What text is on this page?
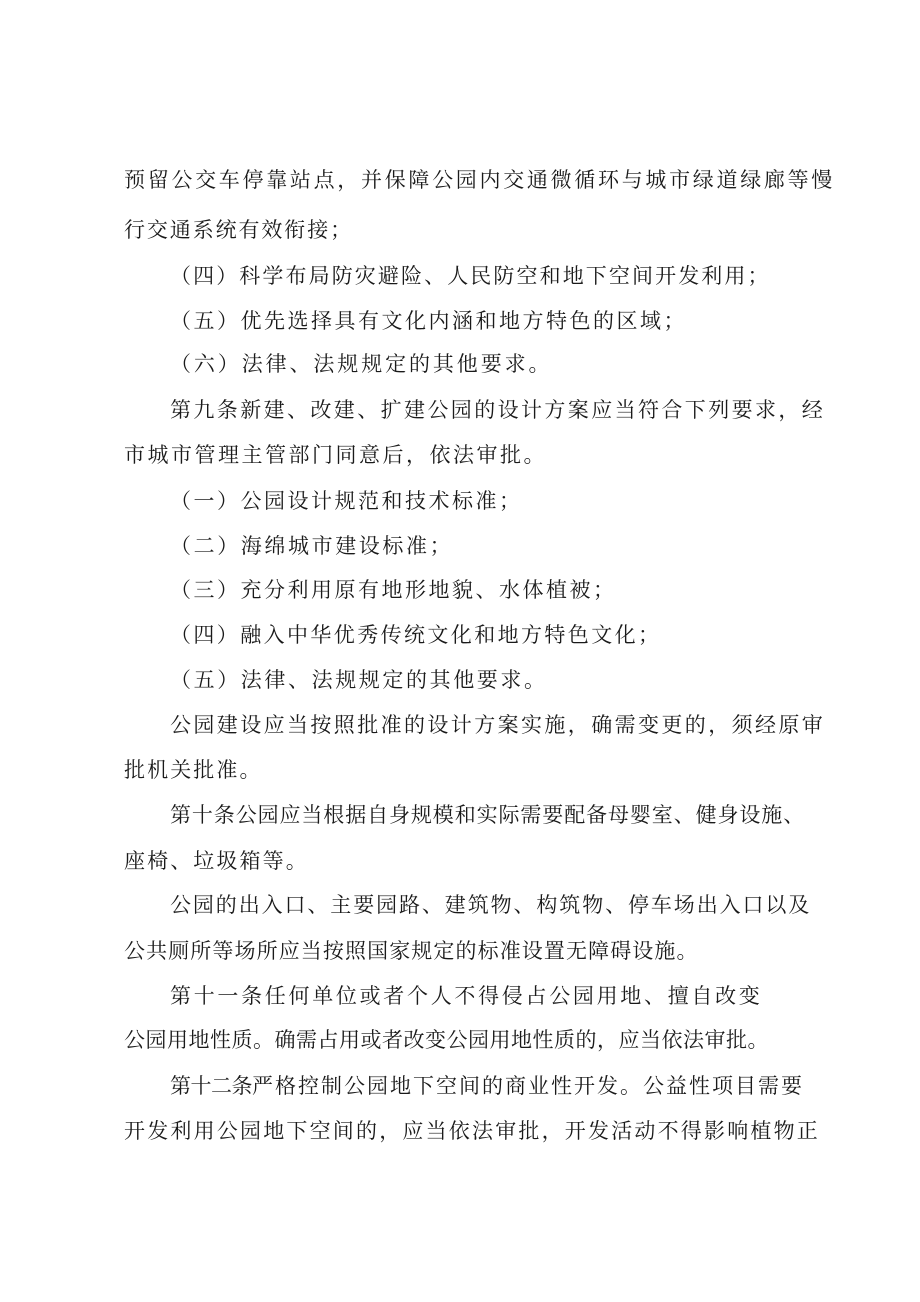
预留公交车停靠站点，并保障公园内交通微循环与城市绿道绿廊等慢
行交通系统有效衔接；
（四）科学布局防灾避险、人民防空和地下空间开发利用；
（五）优先选择具有文化内涵和地方特色的区域；
（六）法律、法规规定的其他要求。
第九条新建、改建、扩建公园的设计方案应当符合下列要求，经
市城市管理主管部门同意后，依法审批。
（一）公园设计规范和技术标准；
（二）海绵城市建设标准；
（三）充分利用原有地形地貌、水体植被；
（四）融入中华优秀传统文化和地方特色文化；
（五）法律、法规规定的其他要求。
公园建设应当按照批准的设计方案实施，确需变更的，须经原审
批机关批准。
第十条公园应当根据自身规模和实际需要配备母婴室、健身设施、
座椅、垃圾箱等。
公园的出入口、主要园路、建筑物、构筑物、停车场出入口以及
公共厕所等场所应当按照国家规定的标准设置无障碍设施。
第十一条任何单位或者个人不得侵占公园用地、擅自改变
公园用地性质。确需占用或者改变公园用地性质的，应当依法审批。
第十二条严格控制公园地下空间的商业性开发。公益性项目需要
开发利用公园地下空间的，应当依法审批，开发活动不得影响植物正
